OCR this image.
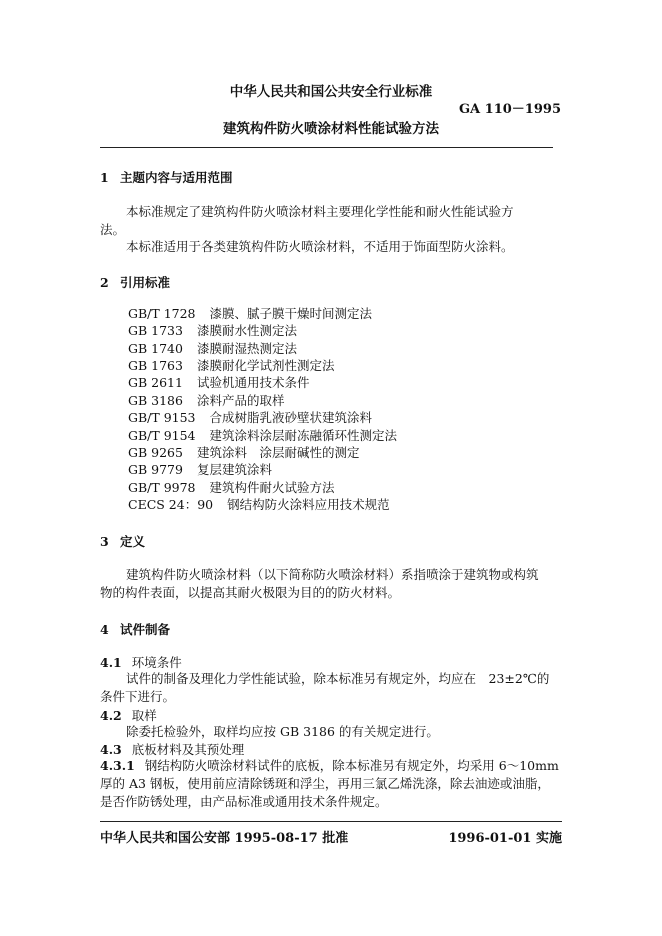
中华人民共和国公共安全行业标准
GA 110－1995
建筑构件防火喷涂材料性能试验方法
1 主题内容与适用范围
本标准规定了建筑构件防火喷涂材料主要理化学性能和耐火性能试验方
法。
本标准适用于各类建筑构件防火喷涂材料，不适用于饰面型防火涂料。
2 引用标准
GB/T 1728 漆膜、腻子膜干燥时间测定法
GB 1733 漆膜耐水性测定法
GB 1740 漆膜耐湿热测定法
GB 1763 漆膜耐化学试剂性测定法
GB 2611 试验机通用技术条件
GB 3186 涂料产品的取样
GB/T 9153 合成树脂乳液砂壁状建筑涂料
GB/T 9154 建筑涂料涂层耐冻融循环性测定法
GB 9265 建筑涂料　涂层耐碱性的测定
GB 9779 复层建筑涂料
GB/T 9978 建筑构件耐火试验方法
CECS 24：90 钢结构防火涂料应用技术规范
3 定义
建筑构件防火喷涂材料（以下简称防火喷涂材料）系指喷涂于建筑物或构筑
物的构件表面，以提高其耐火极限为目的的防火材料。
4 试件制备
4.1 环境条件
试件的制备及理化力学性能试验，除本标准另有规定外，均应在　23±2℃的
条件下进行。
4.2 取样
除委托检验外，取样均应按 GB 3186 的有关规定进行。
4.3 底板材料及其预处理
4.3.1 钢结构防火喷涂材料试件的底板，除本标准另有规定外，均采用 6～10mm
厚的 A3 钢板，使用前应清除锈斑和浮尘，再用三氯乙烯洗涤，除去油迹或油脂，
是否作防锈处理，由产品标准或通用技术条件规定。
中华人民共和国公安部 1995-08-17 批准	1996-01-01 实施
